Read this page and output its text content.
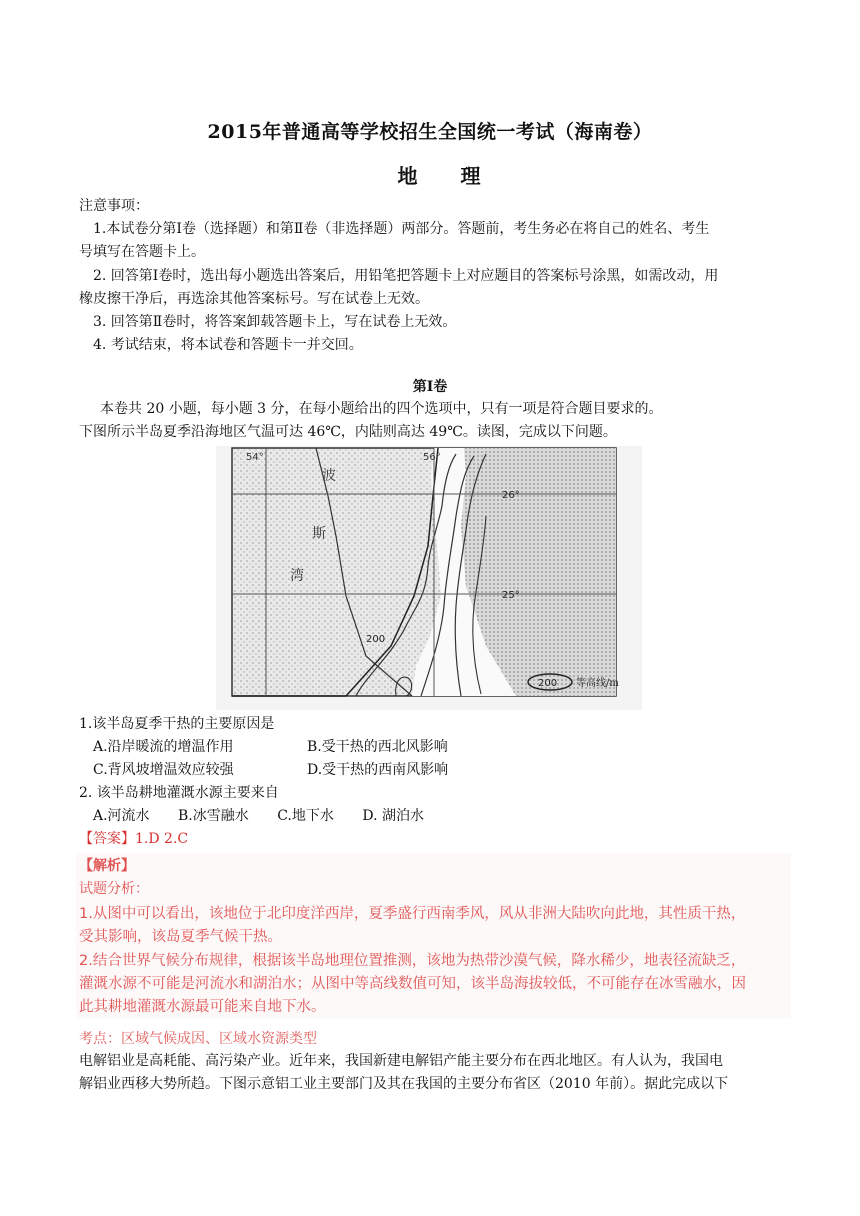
2015年普通高等学校招生全国统一考试（海南卷）
地 理
注意事项：
1.本试卷分第Ⅰ卷（选择题）和第Ⅱ卷（非选择题）两部分。答题前，考生务必在将自己的姓名、考生
号填写在答题卡上。
2. 回答第Ⅰ卷时，选出每小题选出答案后，用铅笔把答题卡上对应题目的答案标号涂黑，如需改动，用
橡皮擦干净后，再选涂其他答案标号。写在试卷上无效。
3. 回答第Ⅱ卷时，将答案卸载答题卡上，写在试卷上无效。
4. 考试结束，将本试卷和答题卡一并交回。
第Ⅰ卷
本卷共 20 小题，每小题 3 分，在每小题给出的四个选项中，只有一项是符合题目要求的。
下图所示半岛夏季沿海地区气温可达 46℃，内陆则高达 49℃。读图，完成以下问题。
54°	56°
26°
25°
波
斯
湾
200
200 等高线/m
1.该半岛夏季干热的主要原因是
A.沿岸暖流的增温作用	B.受干热的西北风影响
C.背风坡增温效应较强	D.受干热的西南风影响
2. 该半岛耕地灌溉水源主要来自
A.河流水 B.冰雪融水 C.地下水 D. 湖泊水
【答案】1.D 2.C
【解析】
试题分析：
1.从图中可以看出，该地位于北印度洋西岸，夏季盛行西南季风，风从非洲大陆吹向此地，其性质干热，
受其影响，该岛夏季气候干热。
2.结合世界气候分布规律，根据该半岛地理位置推测，该地为热带沙漠气候，降水稀少，地表径流缺乏，
灌溉水源不可能是河流水和湖泊水；从图中等高线数值可知，该半岛海拔较低，不可能存在冰雪融水，因
此其耕地灌溉水源最可能来自地下水。
考点：区域气候成因、区域水资源类型
电解铝业是高耗能、高污染产业。近年来，我国新建电解铝产能主要分布在西北地区。有人认为，我国电
解铝业西移大势所趋。下图示意铝工业主要部门及其在我国的主要分布省区（2010 年前）。据此完成以下
